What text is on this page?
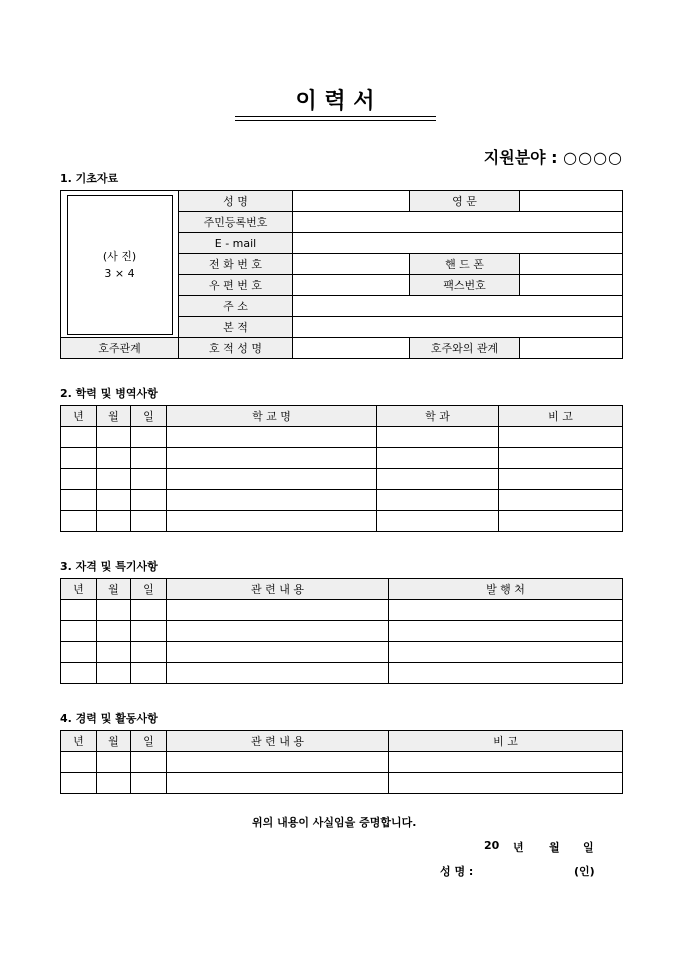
이 력 서
지원분야 : ○○○○
1. 기초자료
(사 진)
3 × 4	성 명		영 문	
	주민등록번호			
	E - mail			
	전 화 번 호		핸 드 폰	
	우 편 번 호		팩스번호	
	주 소			
	본 적			
호주관계	호 적 성 명		호주와의 관계	
2. 학력 및 병역사항
년	월	일	학 교 명	학 과	비 고

3. 자격 및 특기사항
년	월	일	관 련 내 용	발 행 처

4. 경력 및 활동사항
년	월	일	관 련 내 용	비 고

위의 내용이 사실임을 증명합니다.
20 년 월 일
성 명 :	(인)
